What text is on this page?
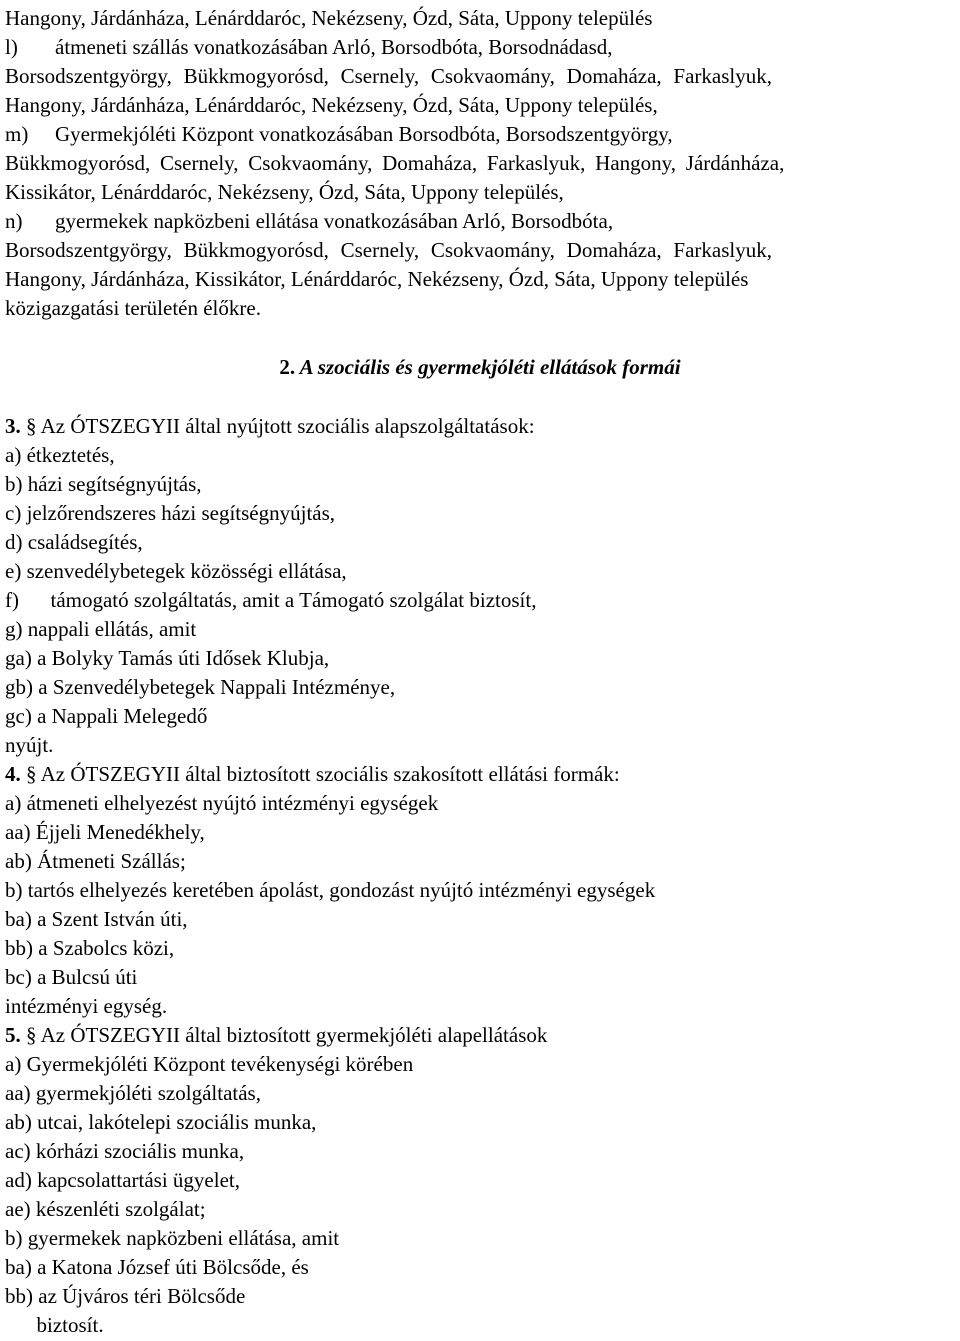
Hangony, Járdánháza, Lénárddaróc, Nekézseny, Ózd, Sáta, Uppony település
l) átmeneti szállás vonatkozásában Arló, Borsodbóta, Borsodnádasd,
Borsodszentgyörgy, Bükkmogyorósd, Csernely, Csokvaomány, Domaháza, Farkaslyuk,
Hangony, Járdánháza, Lénárddaróc, Nekézseny, Ózd, Sáta, Uppony település,
m) Gyermekjóléti Központ vonatkozásában Borsodbóta, Borsodszentgyörgy,
Bükkmogyorósd, Csernely, Csokvaomány, Domaháza, Farkaslyuk, Hangony, Járdánháza,
Kissikátor, Lénárddaróc, Nekézseny, Ózd, Sáta, Uppony település,
n) gyermekek napközbeni ellátása vonatkozásában Arló, Borsodbóta,
Borsodszentgyörgy, Bükkmogyorósd, Csernely, Csokvaomány, Domaháza, Farkaslyuk,
Hangony, Járdánháza, Kissikátor, Lénárddaróc, Nekézseny, Ózd, Sáta, Uppony település
közigazgatási területén élőkre.
2. A szociális és gyermekjóléti ellátások formái
3. § Az ÓTSZEGYII által nyújtott szociális alapszolgáltatások:
a) étkeztetés,
b) házi segítségnyújtás,
c) jelzőrendszeres házi segítségnyújtás,
d) családsegítés,
e) szenvedélybetegek közösségi ellátása,
f)      támogató szolgáltatás, amit a Támogató szolgálat biztosít,
g) nappali ellátás, amit
ga) a Bolyky Tamás úti Idősek Klubja,
gb) a Szenvedélybetegek Nappali Intézménye,
gc) a Nappali Melegedő
nyújt.
4. § Az ÓTSZEGYII által biztosított szociális szakosított ellátási formák:
a) átmeneti elhelyezést nyújtó intézményi egységek
aa) Éjjeli Menedékhely,
ab) Átmeneti Szállás;
b) tartós elhelyezés keretében ápolást, gondozást nyújtó intézményi egységek
ba) a Szent István úti,
bb) a Szabolcs közi,
bc) a Bulcsú úti
intézményi egység.
5. § Az ÓTSZEGYII által biztosított gyermekjóléti alapellátások
a) Gyermekjóléti Központ tevékenységi körében
aa) gyermekjóléti szolgáltatás,
ab) utcai, lakótelepi szociális munka,
ac) kórházi szociális munka,
ad) kapcsolattartási ügyelet,
ae) készenléti szolgálat;
b) gyermekek napközbeni ellátása, amit
ba) a Katona József úti Bölcsőde, és
bb) az Újváros téri Bölcsőde
biztosít.
